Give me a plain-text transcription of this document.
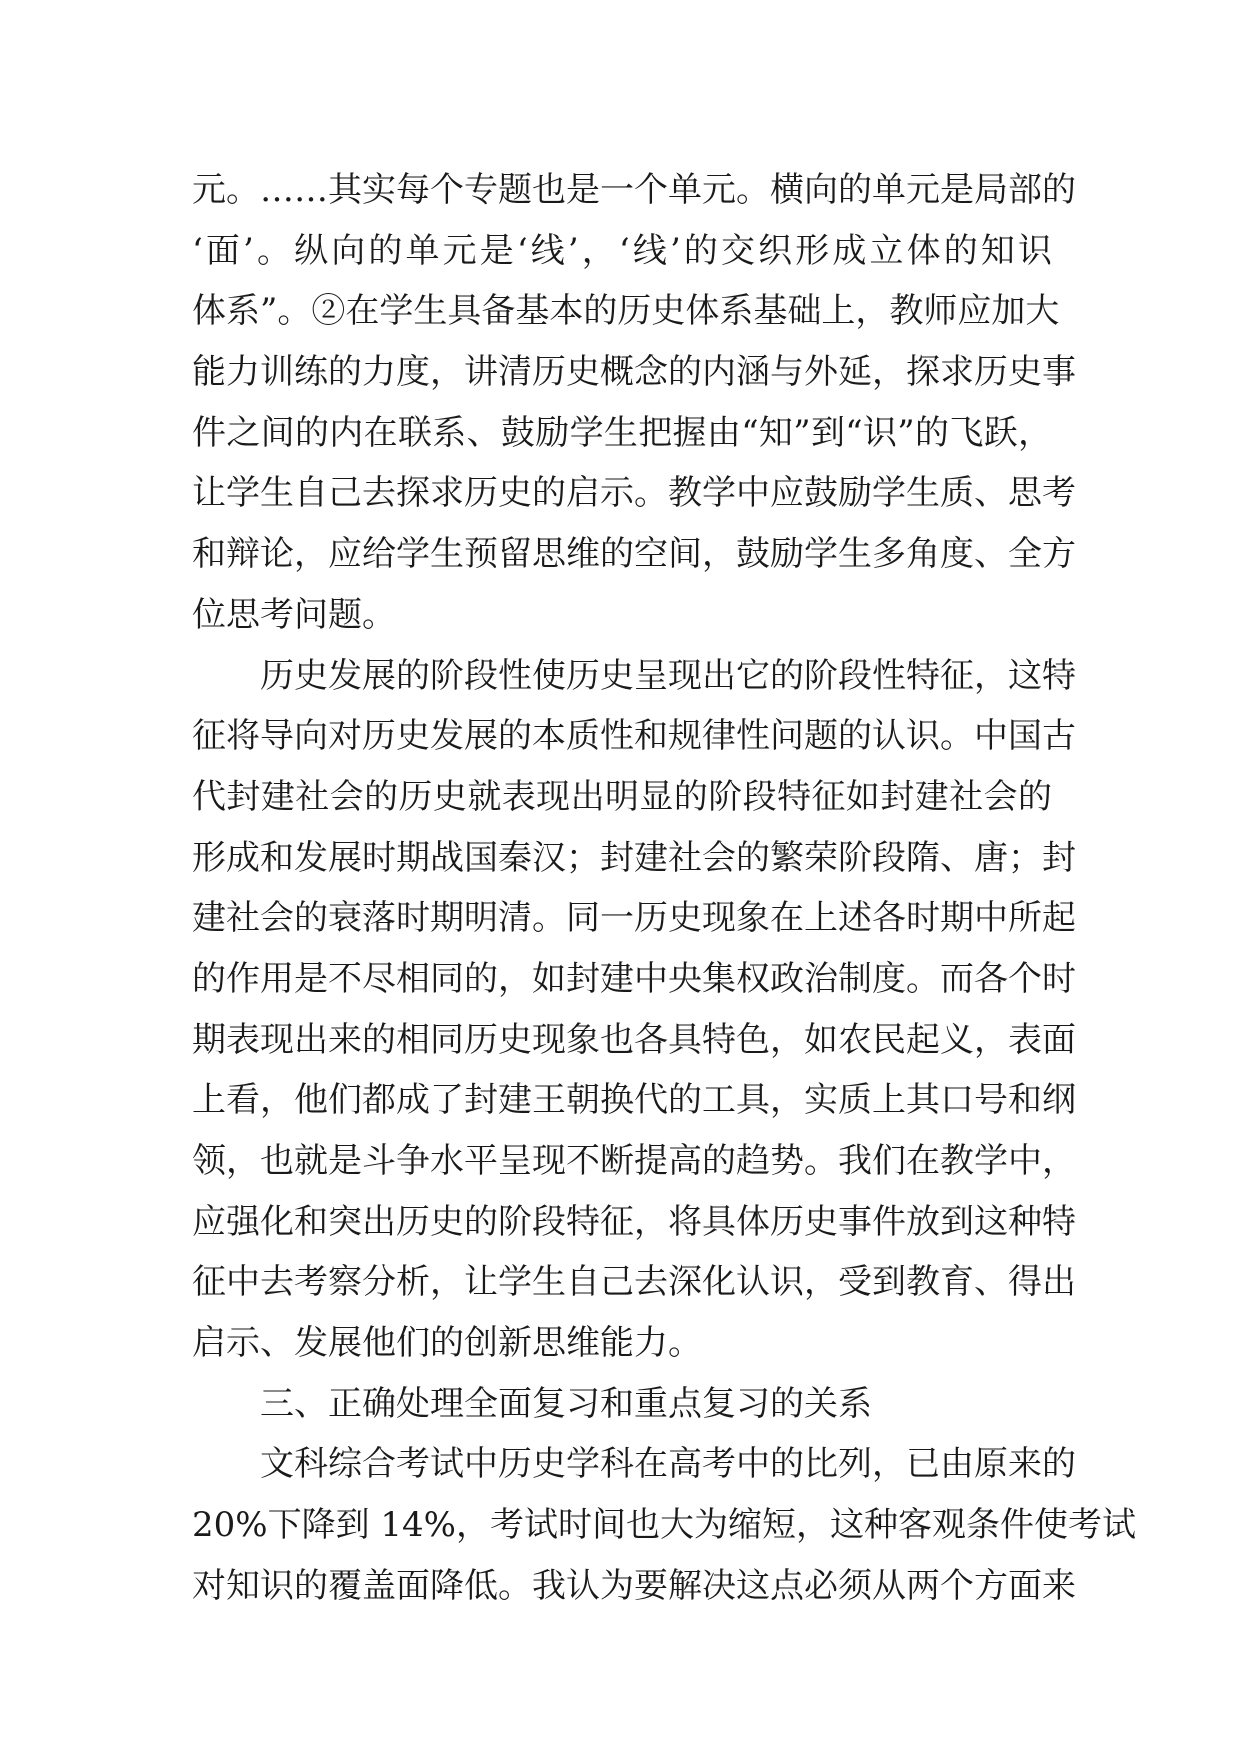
元。……其实每个专题也是一个单元。横向的单元是局部的
‘面’。纵向的单元是‘线’，‘线’的交织形成立体的知识
体系”。②在学生具备基本的历史体系基础上，教师应加大
能力训练的力度，讲清历史概念的内涵与外延，探求历史事
件之间的内在联系、鼓励学生把握由“知”到“识”的飞跃，
让学生自己去探求历史的启示。教学中应鼓励学生质、思考
和辩论，应给学生预留思维的空间，鼓励学生多角度、全方
位思考问题。
历史发展的阶段性使历史呈现出它的阶段性特征，这特
征将导向对历史发展的本质性和规律性问题的认识。中国古
代封建社会的历史就表现出明显的阶段特征如封建社会的
形成和发展时期战国秦汉；封建社会的繁荣阶段隋、唐；封
建社会的衰落时期明清。同一历史现象在上述各时期中所起
的作用是不尽相同的，如封建中央集权政治制度。而各个时
期表现出来的相同历史现象也各具特色，如农民起义，表面
上看，他们都成了封建王朝换代的工具，实质上其口号和纲
领，也就是斗争水平呈现不断提高的趋势。我们在教学中，
应强化和突出历史的阶段特征，将具体历史事件放到这种特
征中去考察分析，让学生自己去深化认识，受到教育、得出
启示、发展他们的创新思维能力。
三、正确处理全面复习和重点复习的关系
文科综合考试中历史学科在高考中的比列，已由原来的
20%下降到 14%，考试时间也大为缩短，这种客观条件使考试
对知识的覆盖面降低。我认为要解决这点必须从两个方面来
